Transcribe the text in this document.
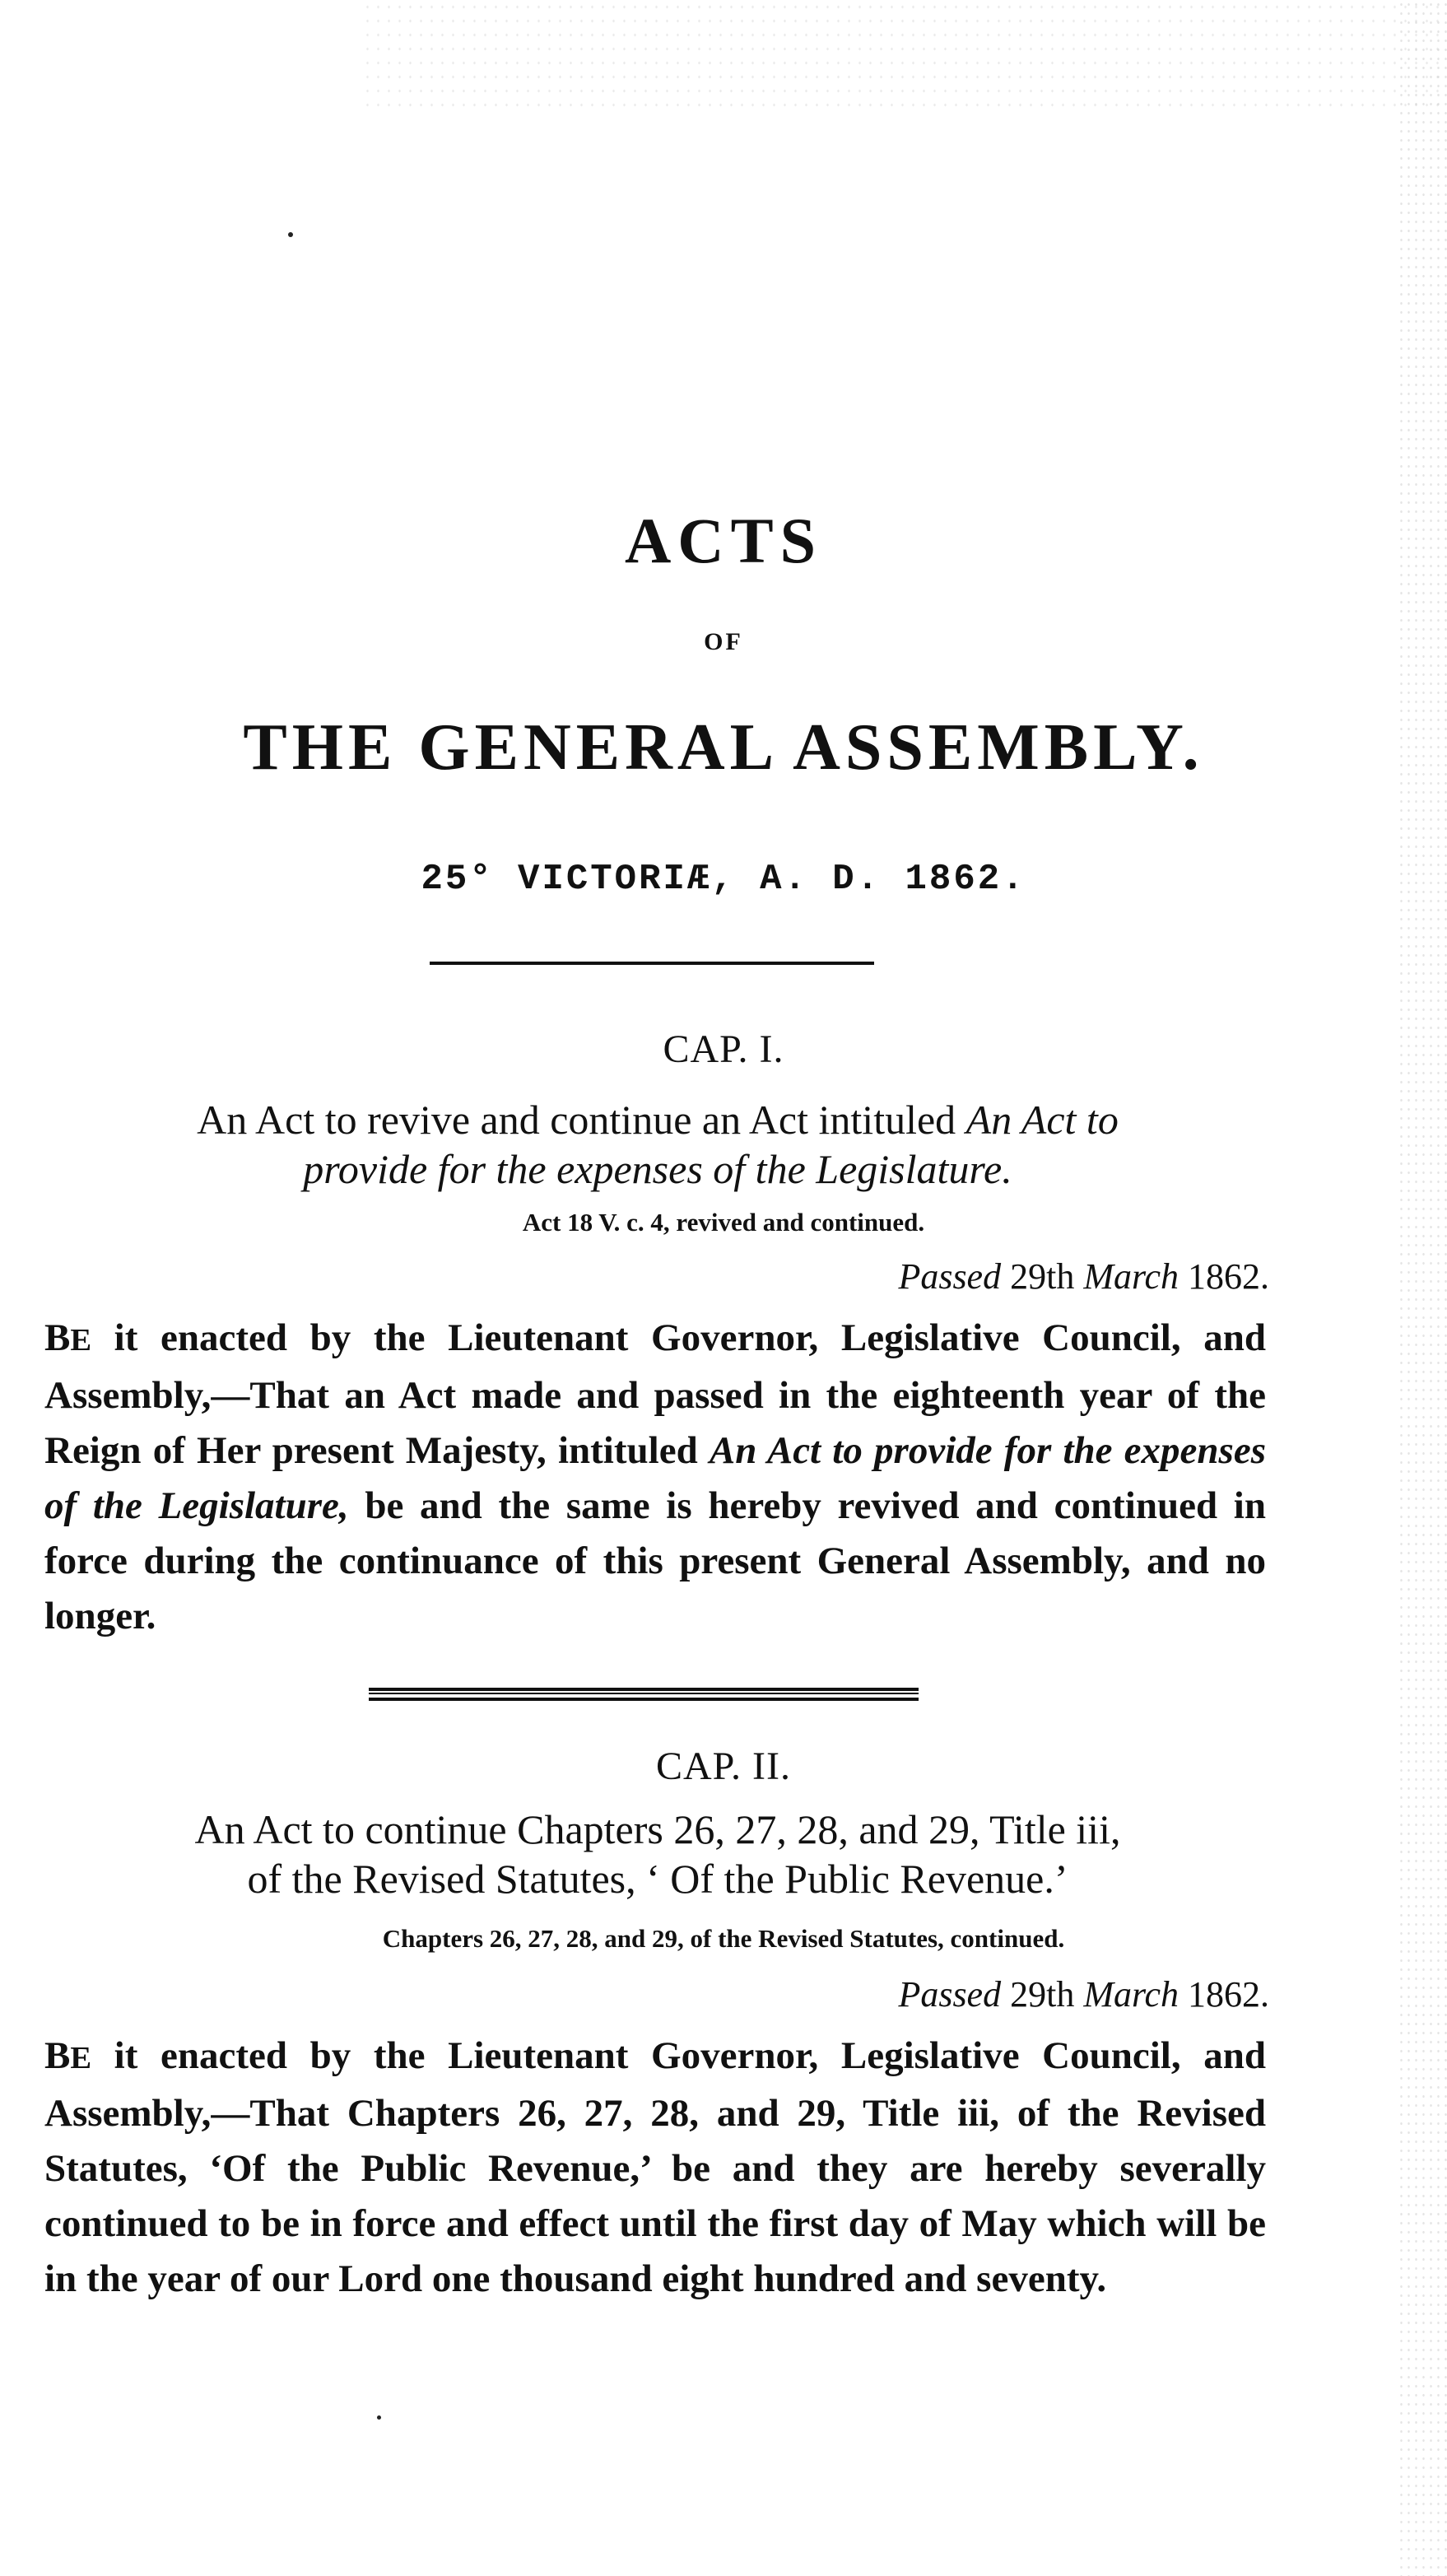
ACTS
OF
THE GENERAL ASSEMBLY.
25° VICTORIÆ, A. D. 1862.
CAP. I.
An Act to revive and continue an Act intituled An Act to
provide for the expenses of the Legislature.
Act 18 V. c. 4, revived and continued.
Passed 29th March 1862.
BE it enacted by the Lieutenant Governor, Legislative Council, and Assembly,—That an Act made and passed in the eighteenth year of the Reign of Her present Majesty, intituled An Act to provide for the expenses of the Legislature, be and the same is hereby revived and continued in force during the continuance of this present General Assembly, and no longer.
CAP. II.
An Act to continue Chapters 26, 27, 28, and 29, Title iii,
of the Revised Statutes, ‘ Of the Public Revenue.’
Chapters 26, 27, 28, and 29, of the Revised Statutes, continued.
Passed 29th March 1862.
BE it enacted by the Lieutenant Governor, Legislative Council, and Assembly,—That Chapters 26, 27, 28, and 29, Title iii, of the Revised Statutes, ‘Of the Public Revenue,’ be and they are hereby severally continued to be in force and effect until the first day of May which will be in the year of our Lord one thousand eight hundred and seventy.
